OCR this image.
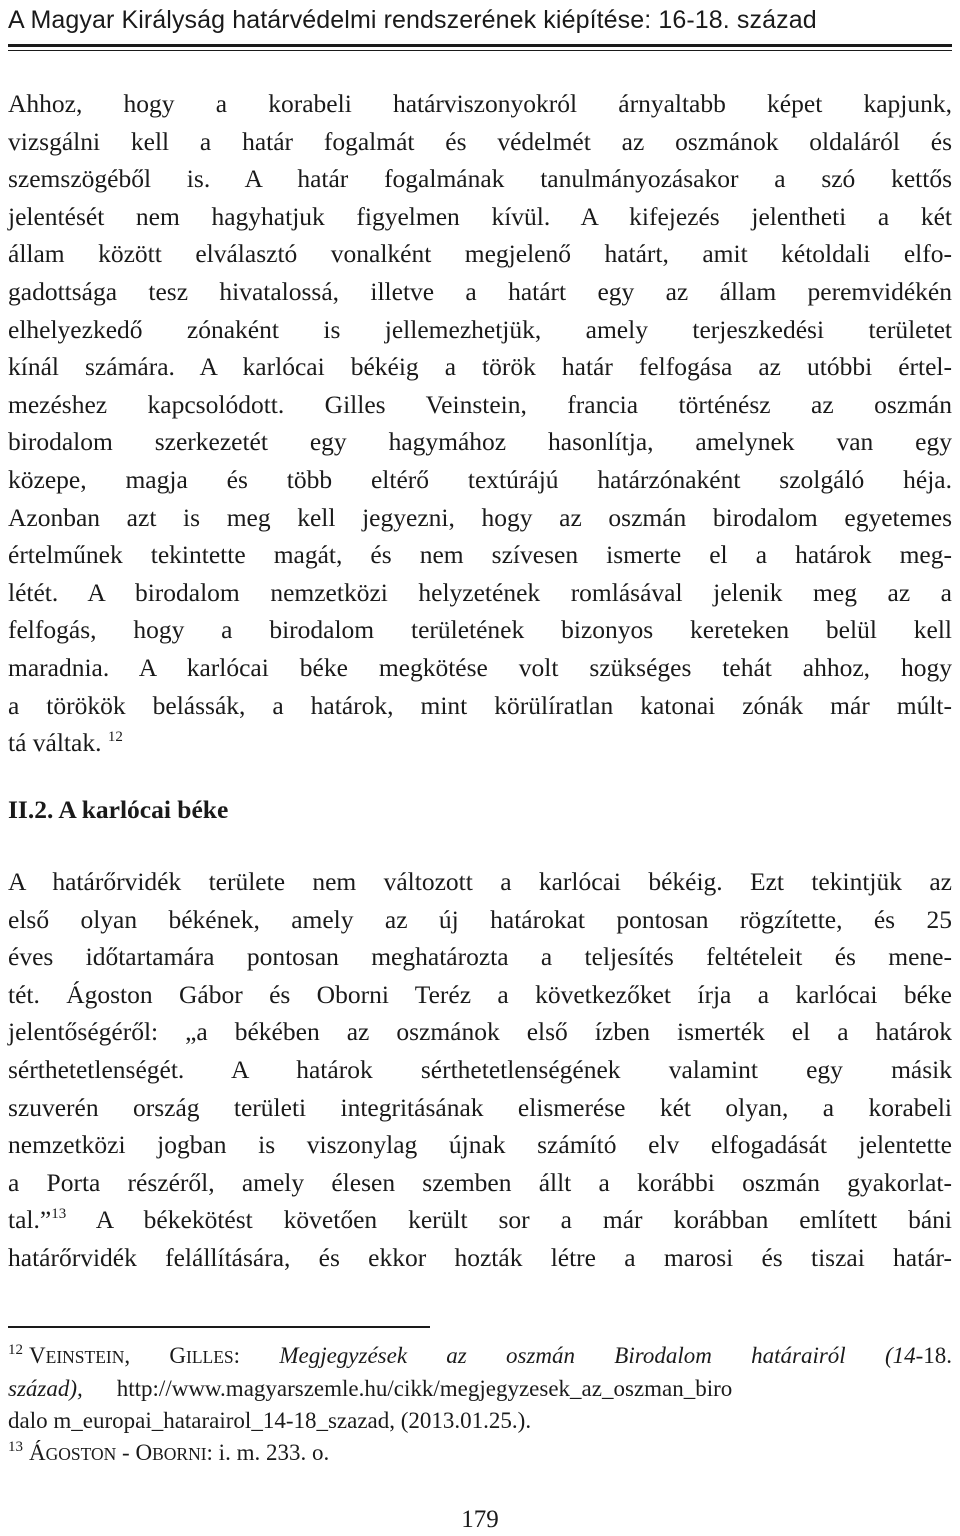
A Magyar Királyság határvédelmi rendszerének kiépítése: 16-18. század
Ahhoz, hogy a korabeli határviszonyokról árnyaltabb képet kapjunk,
vizsgálni kell a határ fogalmát és védelmét az oszmánok oldaláról és
szemszögéből is. A határ fogalmának tanulmányozásakor a szó kettős
jelentését nem hagyhatjuk figyelmen kívül. A kifejezés jelentheti a két
állam között elválasztó vonalként megjelenő határt, amit kétoldali elfo-
gadottsága tesz hivatalossá, illetve a határt egy az állam peremvidékén
elhelyezkedő zónaként is jellemezhetjük, amely terjeszkedési területet
kínál számára. A karlócai békéig a török határ felfogása az utóbbi értel-
mezéshez kapcsolódott. Gilles Veinstein, francia történész az oszmán
birodalom szerkezetét egy hagymához hasonlítja, amelynek van egy
közepe, magja és több eltérő textúrájú határzónaként szolgáló héja.
Azonban azt is meg kell jegyezni, hogy az oszmán birodalom egyetemes
értelműnek tekintette magát, és nem szívesen ismerte el a határok meg-
létét. A birodalom nemzetközi helyzetének romlásával jelenik meg az a
felfogás, hogy a birodalom területének bizonyos kereteken belül kell
maradnia. A karlócai béke megkötése volt szükséges tehát ahhoz, hogy
a törökök belássák, a határok, mint körülíratlan katonai zónák már múlt-
tá váltak. $^{12}$
II.2. A karlócai béke
A határőrvidék területe nem változott a karlócai békéig. Ezt tekintjük az
első olyan békének, amely az új határokat pontosan rögzítette, és 25
éves időtartamára pontosan meghatározta a teljesítés feltételeit és mene-
tét. Ágoston Gábor és Oborni Teréz a következőket írja a karlócai béke
jelentőségéről: „a békében az oszmánok első ízben ismerték el a határok
sérthetetlenségét. A határok sérthetetlenségének valamint egy másik
szuverén ország területi integritásának elismerése két olyan, a korabeli
nemzetközi jogban is viszonylag újnak számító elv elfogadását jelentette
a Porta részéről, amely élesen szemben állt a korábbi oszmán gyakorlat-
tal.”$^{13}$ A békekötést követően került sor a már korábban említett báni
határőrvidék felállítására, és ekkor hozták létre a marosi és tiszai határ-
$^{12}$ VEINSTEIN, GILLES: Megjegyzések az oszmán Birodalom határairól (14-18.
század), http://www.magyarszemle.hu/cikk/megjegyzesek_az_oszman_biro
dalo m_europai_hatarairol_14-18_szazad, (2013.01.25.).
$^{13}$ ÁGOSTON - OBORNI: i. m. 233. o.
179
